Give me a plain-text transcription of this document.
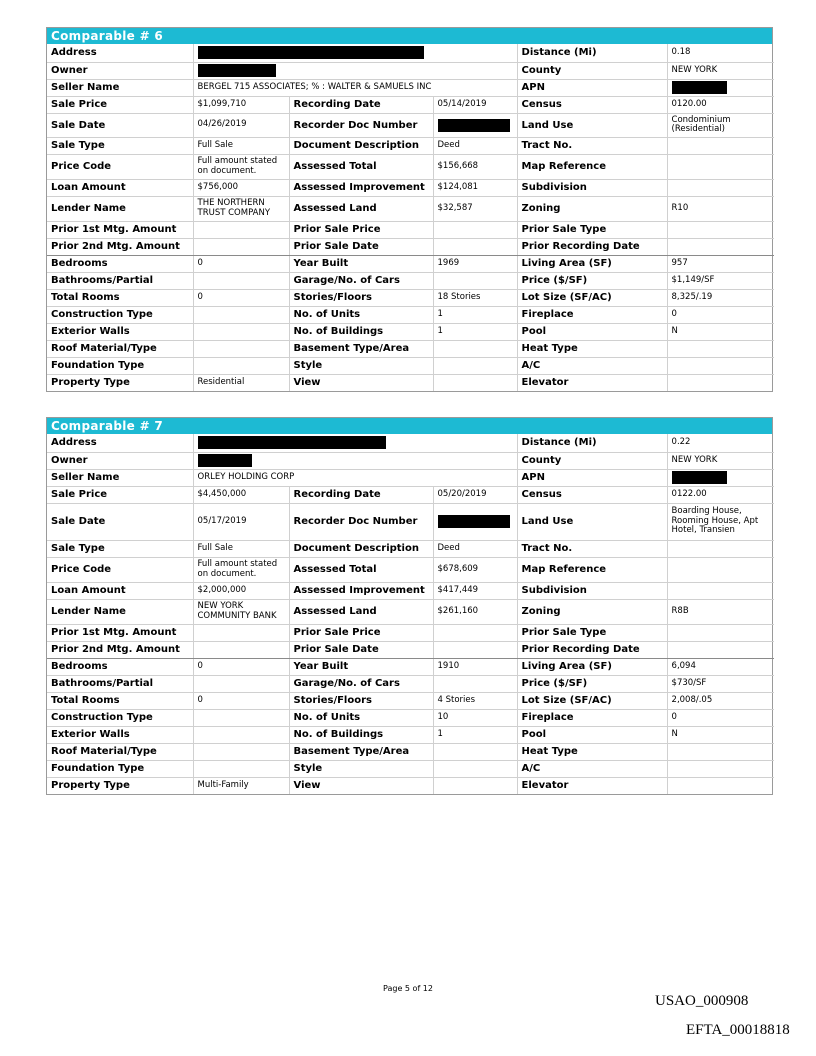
Comparable # 6
Address				Distance (Mi)	0.18
Owner				County	NEW YORK
Seller Name	BERGEL 715 ASSOCIATES; % : WALTER & SAMUELS INC			APN	
Sale Price	$1,099,710	Recording Date	05/14/2019	Census	0120.00
Sale Date	04/26/2019	Recorder Doc Number		Land Use	Condominium (Residential)
Sale Type	Full Sale	Document Description	Deed	Tract No.	
Price Code	Full amount stated on document.	Assessed Total	$156,668	Map Reference	
Loan Amount	$756,000	Assessed Improvement	$124,081	Subdivision	
Lender Name	THE NORTHERN TRUST COMPANY	Assessed Land	$32,587	Zoning	R10
Prior 1st Mtg. Amount		Prior Sale Price		Prior Sale Type	
Prior 2nd Mtg. Amount		Prior Sale Date		Prior Recording Date	
Bedrooms	0	Year Built	1969	Living Area (SF)	957
Bathrooms/Partial		Garage/No. of Cars		Price ($/SF)	$1,149/SF
Total Rooms	0	Stories/Floors	18 Stories	Lot Size (SF/AC)	8,325/.19
Construction Type		No. of Units	1	Fireplace	0
Exterior Walls		No. of Buildings	1	Pool	N
Roof Material/Type		Basement Type/Area		Heat Type	
Foundation Type		Style		A/C	
Property Type	Residential	View		Elevator	
Comparable # 7
Address				Distance (Mi)	0.22
Owner				County	NEW YORK
Seller Name	ORLEY HOLDING CORP			APN	
Sale Price	$4,450,000	Recording Date	05/20/2019	Census	0122.00
Sale Date	05/17/2019	Recorder Doc Number		Land Use	Boarding House, Rooming House, Apt Hotel, Transien
Sale Type	Full Sale	Document Description	Deed	Tract No.	
Price Code	Full amount stated on document.	Assessed Total	$678,609	Map Reference	
Loan Amount	$2,000,000	Assessed Improvement	$417,449	Subdivision	
Lender Name	NEW YORK COMMUNITY BANK	Assessed Land	$261,160	Zoning	R8B
Prior 1st Mtg. Amount		Prior Sale Price		Prior Sale Type	
Prior 2nd Mtg. Amount		Prior Sale Date		Prior Recording Date	
Bedrooms	0	Year Built	1910	Living Area (SF)	6,094
Bathrooms/Partial		Garage/No. of Cars		Price ($/SF)	$730/SF
Total Rooms	0	Stories/Floors	4 Stories	Lot Size (SF/AC)	2,008/.05
Construction Type		No. of Units	10	Fireplace	0
Exterior Walls		No. of Buildings	1	Pool	N
Roof Material/Type		Basement Type/Area		Heat Type	
Foundation Type		Style		A/C	
Property Type	Multi-Family	View		Elevator	
Page 5 of 12
USAO_000908
EFTA_00018818
